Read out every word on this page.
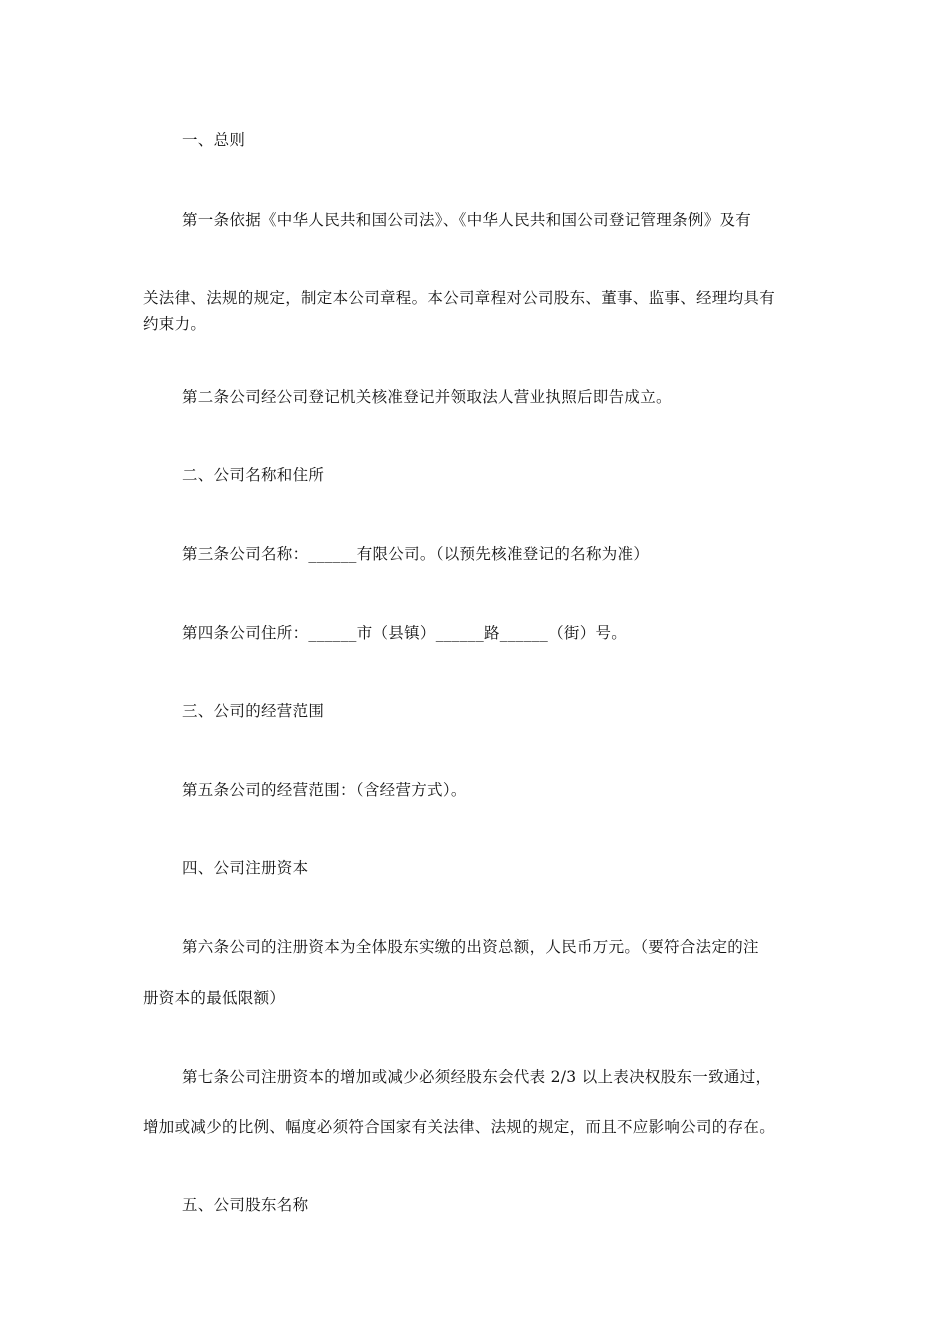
一、总则
第一条依据《中华人民共和国公司法》、《中华人民共和国公司登记管理条例》及有
关法律、法规的规定，制定本公司章程。本公司章程对公司股东、董事、监事、经理均具有
约束力。
第二条公司经公司登记机关核准登记并领取法人营业执照后即告成立。
二、公司名称和住所
第三条公司名称：______有限公司。（以预先核准登记的名称为准）
第四条公司住所：______市（县镇）______路______（街）号。
三、公司的经营范围
第五条公司的经营范围：（含经营方式）。
四、公司注册资本
第六条公司的注册资本为全体股东实缴的出资总额，人民币万元。（要符合法定的注
册资本的最低限额）
第七条公司注册资本的增加或减少必须经股东会代表 2/3 以上表决权股东一致通过，
增加或减少的比例、幅度必须符合国家有关法律、法规的规定，而且不应影响公司的存在。
五、公司股东名称
